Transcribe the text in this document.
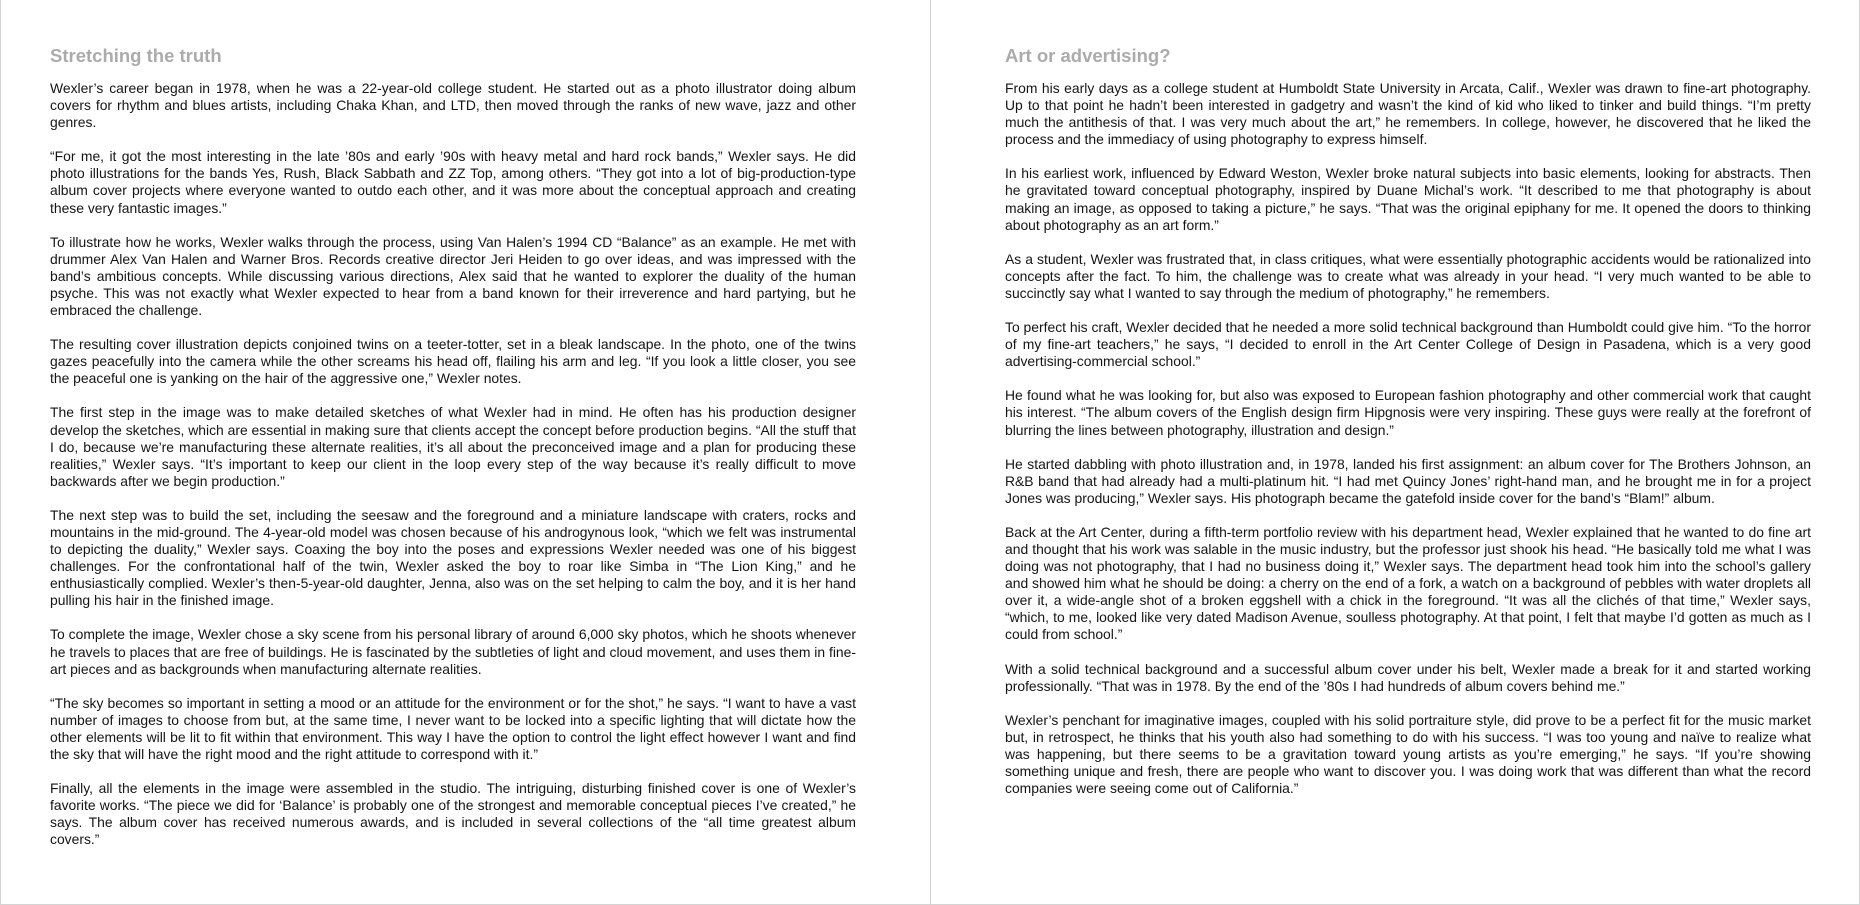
Stretching the truth

Wexler’s career began in 1978, when he was a 22-year-old college student. He started out as a photo illustrator doing album covers for rhythm and blues artists, including Chaka Khan, and LTD, then moved through the ranks of new wave, jazz and other genres.

“For me, it got the most interesting in the late ’80s and early ’90s with heavy metal and hard rock bands,” Wexler says. He did photo illustrations for the bands Yes, Rush, Black Sabbath and ZZ Top, among others. “They got into a lot of big-production-type album cover projects where everyone wanted to outdo each other, and it was more about the conceptual approach and creating these very fantastic images.”

To illustrate how he works, Wexler walks through the process, using Van Halen’s 1994 CD “Balance” as an example. He met with drummer Alex Van Halen and Warner Bros. Records creative director Jeri Heiden to go over ideas, and was impressed with the band’s ambitious concepts. While discussing various directions, Alex said that he wanted to explorer the duality of the human psyche. This was not exactly what Wexler expected to hear from a band known for their irreverence and hard partying, but he embraced the challenge.

The resulting cover illustration depicts conjoined twins on a teeter-totter, set in a bleak landscape. In the photo, one of the twins gazes peacefully into the camera while the other screams his head off, flailing his arm and leg. “If you look a little closer, you see the peaceful one is yanking on the hair of the aggressive one,” Wexler notes.

The first step in the image was to make detailed sketches of what Wexler had in mind. He often has his production designer develop the sketches, which are essential in making sure that clients accept the concept before production begins. “All the stuff that I do, because we’re manufacturing these alternate realities, it’s all about the preconceived image and a plan for producing these realities,” Wexler says. “It’s important to keep our client in the loop every step of the way because it’s really difficult to move backwards after we begin production.”

The next step was to build the set, including the seesaw and the foreground and a miniature landscape with craters, rocks and mountains in the mid-ground. The 4-year-old model was chosen because of his androgynous look, “which we felt was instrumental to depicting the duality,” Wexler says. Coaxing the boy into the poses and expressions Wexler needed was one of his biggest challenges. For the confrontational half of the twin, Wexler asked the boy to roar like Simba in “The Lion King,” and he enthusiastically complied. Wexler’s then-5-year-old daughter, Jenna, also was on the set helping to calm the boy, and it is her hand pulling his hair in the finished image.

To complete the image, Wexler chose a sky scene from his personal library of around 6,000 sky photos, which he shoots whenever he travels to places that are free of buildings. He is fascinated by the subtleties of light and cloud movement, and uses them in fine-art pieces and as backgrounds when manufacturing alternate realities.

“The sky becomes so important in setting a mood or an attitude for the environment or for the shot,” he says. “I want to have a vast number of images to choose from but, at the same time, I never want to be locked into a specific lighting that will dictate how the other elements will be lit to fit within that environment. This way I have the option to control the light effect however I want and find the sky that will have the right mood and the right attitude to correspond with it.”

Finally, all the elements in the image were assembled in the studio. The intriguing, disturbing finished cover is one of Wexler’s favorite works. “The piece we did for ‘Balance’ is probably one of the strongest and memorable conceptual pieces I’ve created,” he says. The album cover has received numerous awards, and is included in several collections of the “all time greatest album covers.”

Art or advertising?

From his early days as a college student at Humboldt State University in Arcata, Calif., Wexler was drawn to fine-art photography. Up to that point he hadn’t been interested in gadgetry and wasn’t the kind of kid who liked to tinker and build things. “I’m pretty much the antithesis of that. I was very much about the art,” he remembers. In college, however, he discovered that he liked the process and the immediacy of using photography to express himself.

In his earliest work, influenced by Edward Weston, Wexler broke natural subjects into basic elements, looking for abstracts. Then he gravitated toward conceptual photography, inspired by Duane Michal’s work. “It described to me that photography is about making an image, as opposed to taking a picture,” he says. “That was the original epiphany for me. It opened the doors to thinking about photography as an art form.”

As a student, Wexler was frustrated that, in class critiques, what were essentially photographic accidents would be rationalized into concepts after the fact. To him, the challenge was to create what was already in your head. “I very much wanted to be able to succinctly say what I wanted to say through the medium of photography,” he remembers.

To perfect his craft, Wexler decided that he needed a more solid technical background than Humboldt could give him. “To the horror of my fine-art teachers,” he says, “I decided to enroll in the Art Center College of Design in Pasadena, which is a very good advertising-commercial school.”

He found what he was looking for, but also was exposed to European fashion photography and other commercial work that caught his interest. “The album covers of the English design firm Hipgnosis were very inspiring. These guys were really at the forefront of blurring the lines between photography, illustration and design.”

He started dabbling with photo illustration and, in 1978, landed his first assignment: an album cover for The Brothers Johnson, an R&B band that had already had a multi-platinum hit. “I had met Quincy Jones’ right-hand man, and he brought me in for a project Jones was producing,” Wexler says. His photograph became the gatefold inside cover for the band’s “Blam!” album.

Back at the Art Center, during a fifth-term portfolio review with his department head, Wexler explained that he wanted to do fine art and thought that his work was salable in the music industry, but the professor just shook his head. “He basically told me what I was doing was not photography, that I had no business doing it,” Wexler says. The department head took him into the school’s gallery and showed him what he should be doing: a cherry on the end of a fork, a watch on a background of pebbles with water droplets all over it, a wide-angle shot of a broken eggshell with a chick in the foreground. “It was all the clichés of that time,” Wexler says, “which, to me, looked like very dated Madison Avenue, soulless photography. At that point, I felt that maybe I’d gotten as much as I could from school.”

With a solid technical background and a successful album cover under his belt, Wexler made a break for it and started working professionally. “That was in 1978. By the end of the ’80s I had hundreds of album covers behind me.”

Wexler’s penchant for imaginative images, coupled with his solid portraiture style, did prove to be a perfect fit for the music market but, in retrospect, he thinks that his youth also had something to do with his success. “I was too young and naïve to realize what was happening, but there seems to be a gravitation toward young artists as you’re emerging,” he says. “If you’re showing something unique and fresh, there are people who want to discover you. I was doing work that was different than what the record companies were seeing come out of California.”
